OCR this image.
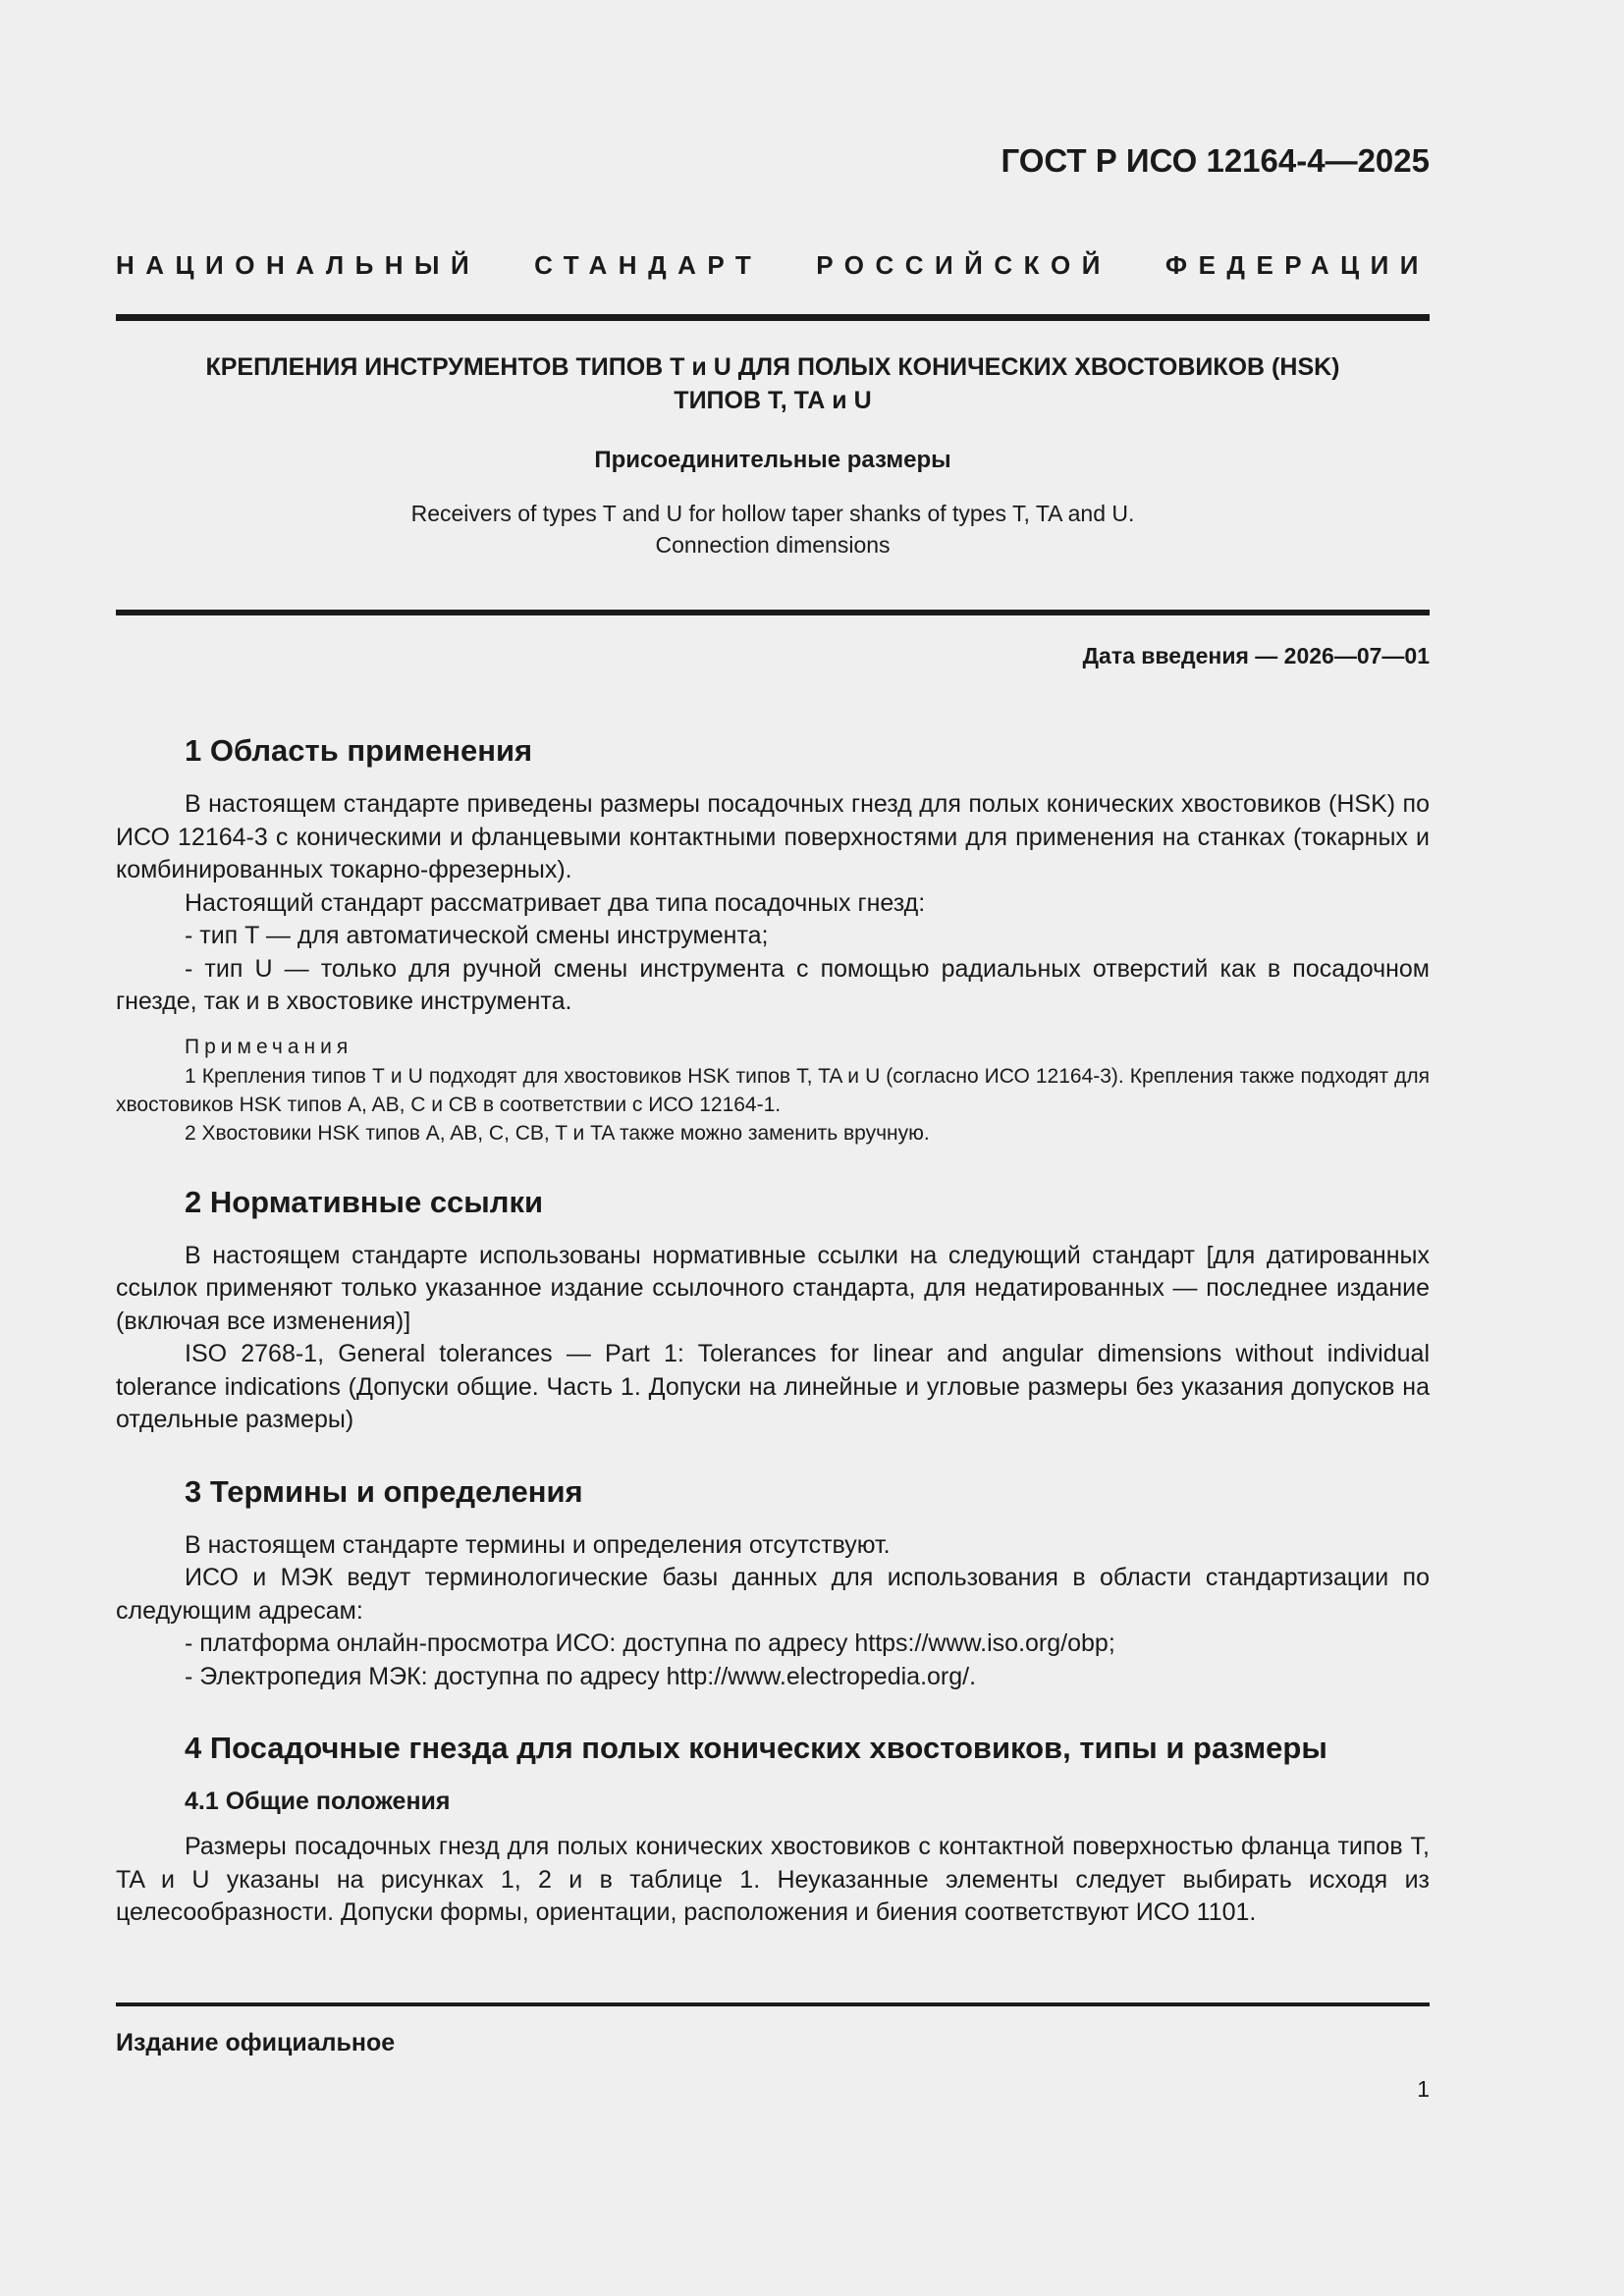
ГОСТ Р ИСО 12164-4—2025
НАЦИОНАЛЬНЫЙ СТАНДАРТ РОССИЙСКОЙ ФЕДЕРАЦИИ
КРЕПЛЕНИЯ ИНСТРУМЕНТОВ ТИПОВ Т и U ДЛЯ ПОЛЫХ КОНИЧЕСКИХ ХВОСТОВИКОВ (HSK)
ТИПОВ Т, ТА и U
Присоединительные размеры
Receivers of types T and U for hollow taper shanks of types T, TA and U.
Connection dimensions
Дата введения — 2026—07—01
1 Область применения

В настоящем стандарте приведены размеры посадочных гнезд для полых конических хвостовиков (HSK) по ИСО 12164-3 с коническими и фланцевыми контактными поверхностями для применения на станках (токарных и комбинированных токарно-фрезерных).

Настоящий стандарт рассматривает два типа посадочных гнезд:

- тип T — для автоматической смены инструмента;

- тип U — только для ручной смены инструмента с помощью радиальных отверстий как в посадочном гнезде, так и в хвостовике инструмента.

Примечания

1 Крепления типов Т и U подходят для хвостовиков HSK типов T, TA и U (согласно ИСО 12164-3). Крепления также подходят для хвостовиков HSK типов A, AB, C и CB в соответствии с ИСО 12164-1.

2 Хвостовики HSK типов A, AB, C, CB, T и TA также можно заменить вручную.

2 Нормативные ссылки

В настоящем стандарте использованы нормативные ссылки на следующий стандарт [для датированных ссылок применяют только указанное издание ссылочного стандарта, для недатированных — последнее издание (включая все изменения)]

ISO 2768-1, General tolerances — Part 1: Tolerances for linear and angular dimensions without individual tolerance indications (Допуски общие. Часть 1. Допуски на линейные и угловые размеры без указания допусков на отдельные размеры)

3 Термины и определения

В настоящем стандарте термины и определения отсутствуют.

ИСО и МЭК ведут терминологические базы данных для использования в области стандартизации по следующим адресам:

- платформа онлайн-просмотра ИСО: доступна по адресу https://www.iso.org/obp;

- Электропедия МЭК: доступна по адресу http://www.electropedia.org/.

4 Посадочные гнезда для полых конических хвостовиков, типы и размеры
4.1 Общие положения

Размеры посадочных гнезд для полых конических хвостовиков с контактной поверхностью фланца типов T, TA и U указаны на рисунках 1, 2 и в таблице 1. Неуказанные элементы следует выбирать исходя из целесообразности. Допуски формы, ориентации, расположения и биения соответствуют ИСО 1101.

Издание официальное
1
